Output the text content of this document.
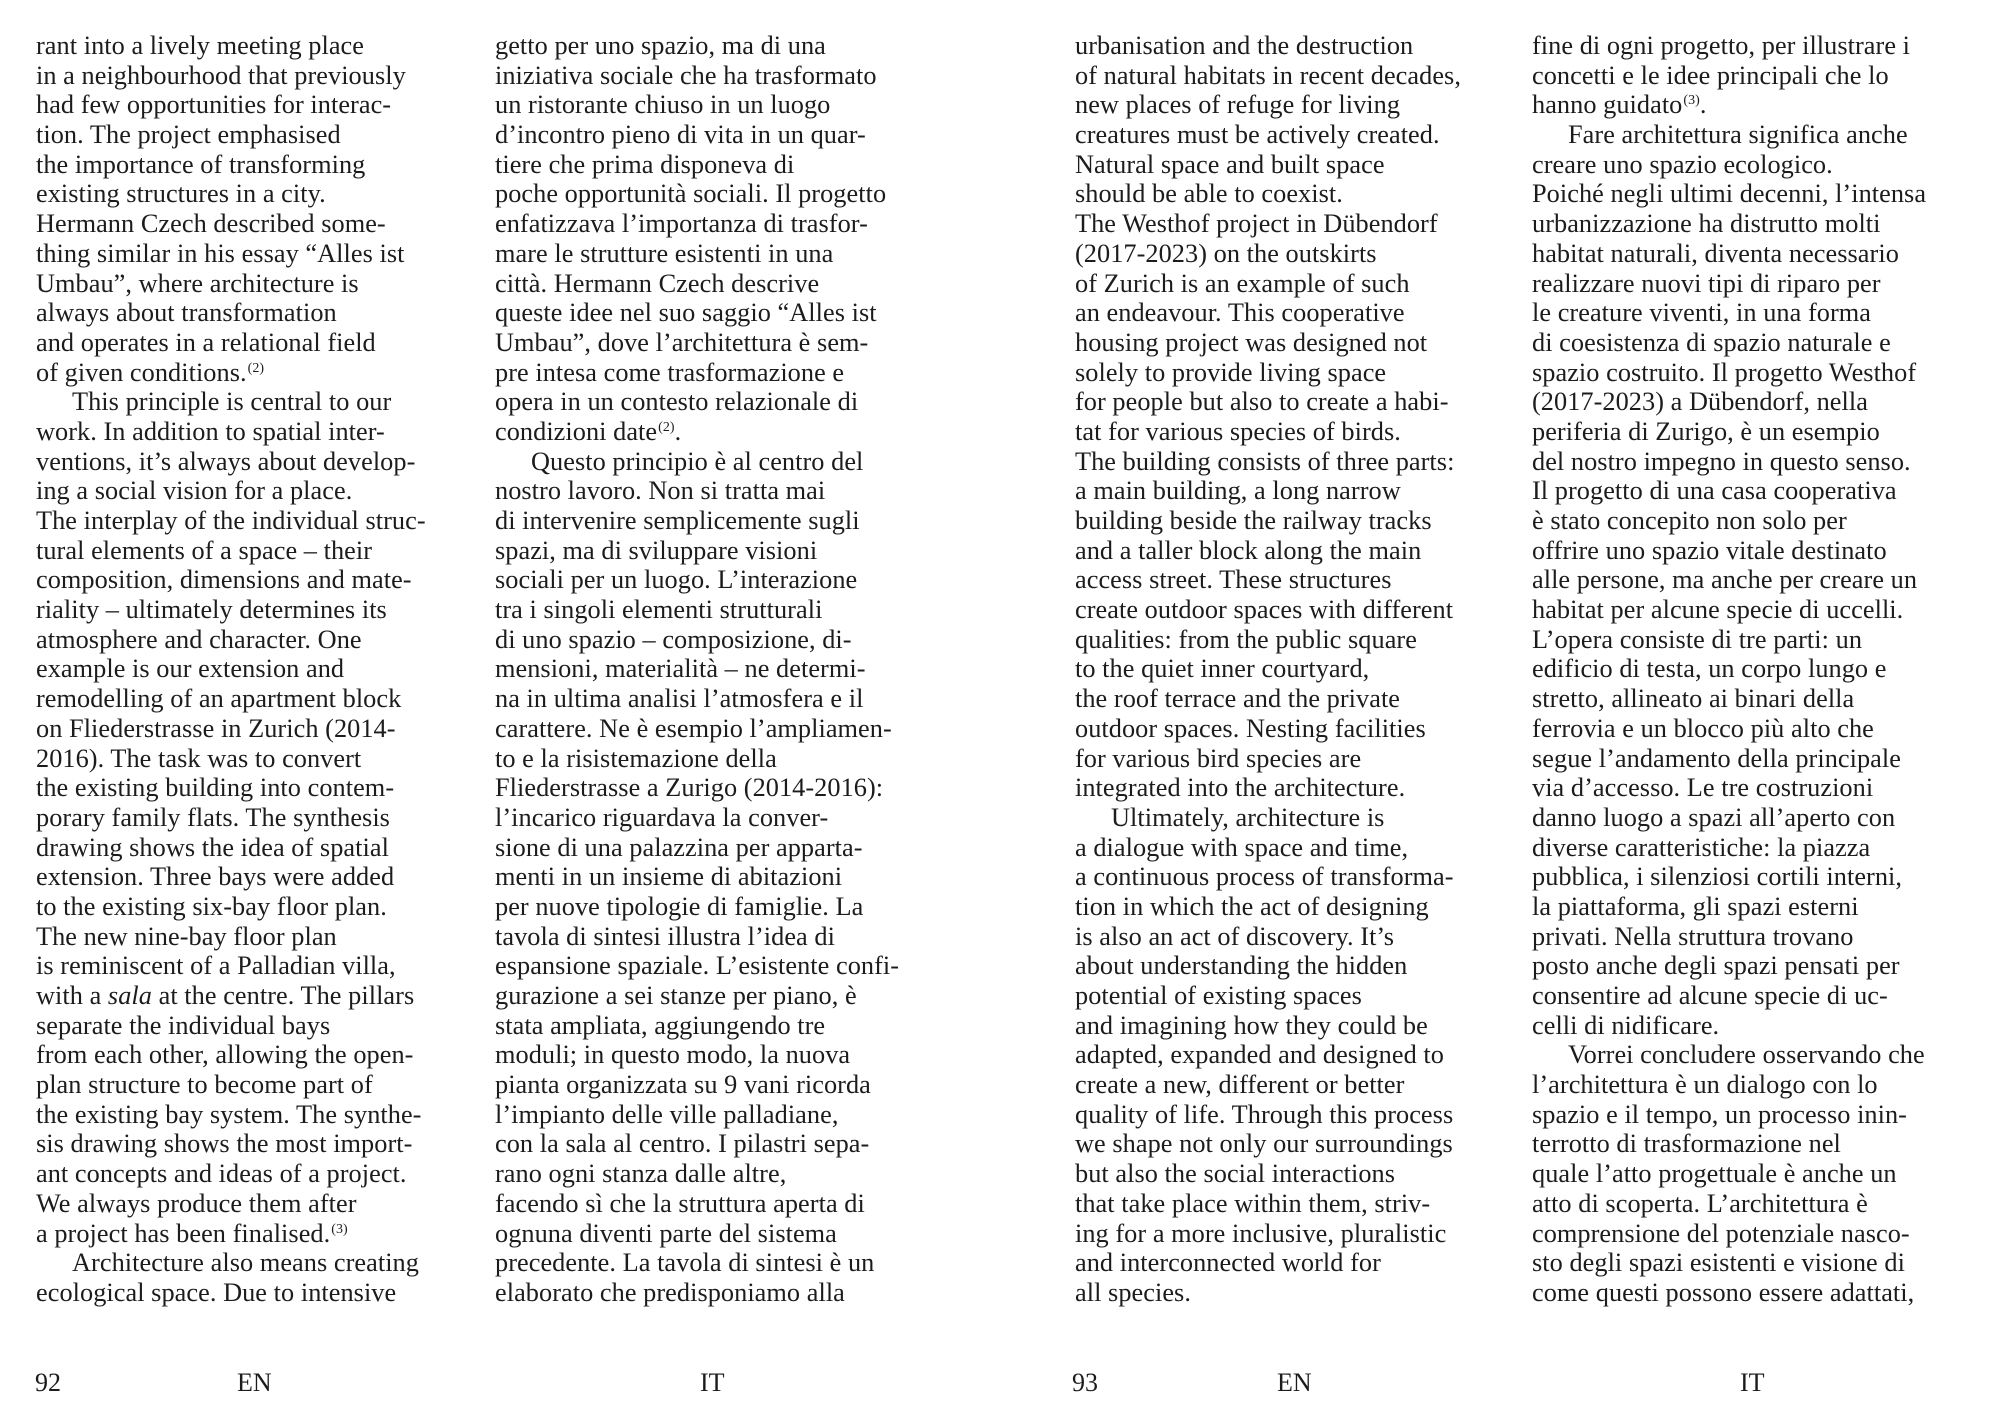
rant into a lively meeting place
in a neighbourhood that previously
had few opportunities for interac-
tion. The project emphasised
the importance of transforming
existing structures in a city.
Hermann Czech described some-
thing similar in his essay “Alles ist
Umbau”, where architecture is
always about transformation
and operates in a relational field
of given conditions.$^{(2)}$
This principle is central to our
work. In addition to spatial inter-
ventions, it’s always about develop-
ing a social vision for a place.
The interplay of the individual struc-
tural elements of a space – their
composition, dimensions and mate-
riality – ultimately determines its
atmosphere and character. One
example is our extension and
remodelling of an apartment block
on Fliederstrasse in Zurich (2014-
2016). The task was to convert
the existing building into contem-
porary family flats. The synthesis
drawing shows the idea of spatial
extension. Three bays were added
to the existing six-bay floor plan.
The new nine-bay floor plan
is reminiscent of a Palladian villa,
with a sala at the centre. The pillars
separate the individual bays
from each other, allowing the open-
plan structure to become part of
the existing bay system. The synthe-
sis drawing shows the most import-
ant concepts and ideas of a project.
We always produce them after
a project has been finalised.$^{(3)}$
Architecture also means creating
ecological space. Due to intensive
getto per uno spazio, ma di una
iniziativa sociale che ha trasformato
un ristorante chiuso in un luogo
d’incontro pieno di vita in un quar-
tiere che prima disponeva di
poche opportunità sociali. Il progetto
enfatizzava l’importanza di trasfor-
mare le strutture esistenti in una
città. Hermann Czech descrive
queste idee nel suo saggio “Alles ist
Umbau”, dove l’architettura è sem-
pre intesa come trasformazione e
opera in un contesto relazionale di
condizioni date$^{(2)}$.
Questo principio è al centro del
nostro lavoro. Non si tratta mai
di intervenire semplicemente sugli
spazi, ma di sviluppare visioni
sociali per un luogo. L’interazione
tra i singoli elementi strutturali
di uno spazio – composizione, di-
mensioni, materialità – ne determi-
na in ultima analisi l’atmosfera e il
carattere. Ne è esempio l’ampliamen-
to e la risistemazione della
Fliederstrasse a Zurigo (2014-2016):
l’incarico riguardava la conver-
sione di una palazzina per apparta-
menti in un insieme di abitazioni
per nuove tipologie di famiglie. La
tavola di sintesi illustra l’idea di
espansione spaziale. L’esistente confi-
gurazione a sei stanze per piano, è
stata ampliata, aggiungendo tre
moduli; in questo modo, la nuova
pianta organizzata su 9 vani ricorda
l’impianto delle ville palladiane,
con la sala al centro. I pilastri sepa-
rano ogni stanza dalle altre,
facendo sì che la struttura aperta di
ognuna diventi parte del sistema
precedente. La tavola di sintesi è un
elaborato che predisponiamo alla
urbanisation and the destruction
of natural habitats in recent decades,
new places of refuge for living
creatures must be actively created.
Natural space and built space
should be able to coexist.
The Westhof project in Dübendorf
(2017-2023) on the outskirts
of Zurich is an example of such
an endeavour. This cooperative
housing project was designed not
solely to provide living space
for people but also to create a habi-
tat for various species of birds.
The building consists of three parts:
a main building, a long narrow
building beside the railway tracks
and a taller block along the main
access street. These structures
create outdoor spaces with different
qualities: from the public square
to the quiet inner courtyard,
the roof terrace and the private
outdoor spaces. Nesting facilities
for various bird species are
integrated into the architecture.
Ultimately, architecture is
a dialogue with space and time,
a continuous process of transforma-
tion in which the act of designing
is also an act of discovery. It’s
about understanding the hidden
potential of existing spaces
and imagining how they could be
adapted, expanded and designed to
create a new, different or better
quality of life. Through this process
we shape not only our surroundings
but also the social interactions
that take place within them, striv-
ing for a more inclusive, pluralistic
and interconnected world for
all species.
fine di ogni progetto, per illustrare i
concetti e le idee principali che lo
hanno guidato$^{(3)}$.
Fare architettura significa anche
creare uno spazio ecologico.
Poiché negli ultimi decenni, l’intensa
urbanizzazione ha distrutto molti
habitat naturali, diventa necessario
realizzare nuovi tipi di riparo per
le creature viventi, in una forma
di coesistenza di spazio naturale e
spazio costruito. Il progetto Westhof
(2017-2023) a Dübendorf, nella
periferia di Zurigo, è un esempio
del nostro impegno in questo senso.
Il progetto di una casa cooperativa
è stato concepito non solo per
offrire uno spazio vitale destinato
alle persone, ma anche per creare un
habitat per alcune specie di uccelli.
L’opera consiste di tre parti: un
edificio di testa, un corpo lungo e
stretto, allineato ai binari della
ferrovia e un blocco più alto che
segue l’andamento della principale
via d’accesso. Le tre costruzioni
danno luogo a spazi all’aperto con
diverse caratteristiche: la piazza
pubblica, i silenziosi cortili interni,
la piattaforma, gli spazi esterni
privati. Nella struttura trovano
posto anche degli spazi pensati per
consentire ad alcune specie di uc-
celli di nidificare.
Vorrei concludere osservando che
l’architettura è un dialogo con lo
spazio e il tempo, un processo inin-
terrotto di trasformazione nel
quale l’atto progettuale è anche un
atto di scoperta. L’architettura è
comprensione del potenziale nasco-
sto degli spazi esistenti e visione di
come questi possono essere adattati,
92	EN	IT	93	EN	IT
